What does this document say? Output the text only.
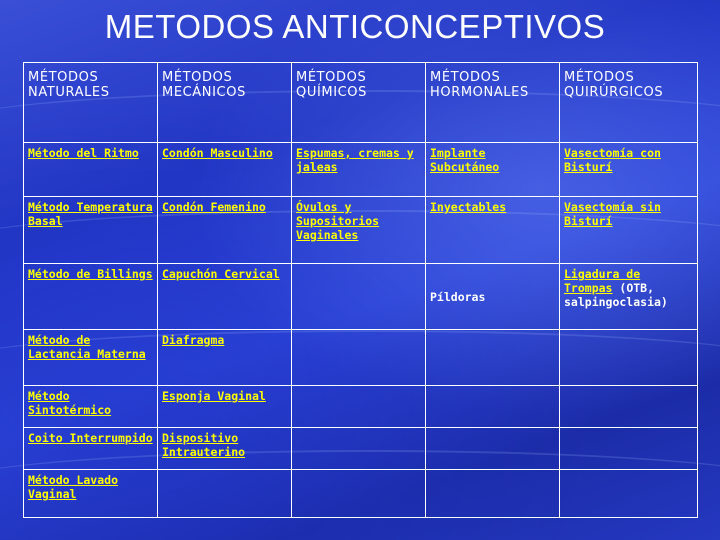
METODOS ANTICONCEPTIVOS
MÉTODOS NATURALES	MÉTODOS MECÁNICOS	MÉTODOS QUÍMICOS	MÉTODOS HORMONALES	MÉTODOS QUIRÚRGICOS
Método del Ritmo	Condón Masculino	Espumas, cremas y jaleas	Implante Subcutáneo	Vasectomía con Bisturí
Método Temperatura Basal	Condón Femenino	Óvulos y Supositorios Vaginales	Inyectables	Vasectomía sin Bisturí
Método de Billings	Capuchón Cervical		Píldoras	Ligadura de Trompas (OTB, salpingoclasia)
Método de Lactancia Materna	Diafragma			
Método Sintotérmico	Esponja Vaginal			
Coito Interrumpido	Dispositivo Intrauterino			
Método Lavado Vaginal				
